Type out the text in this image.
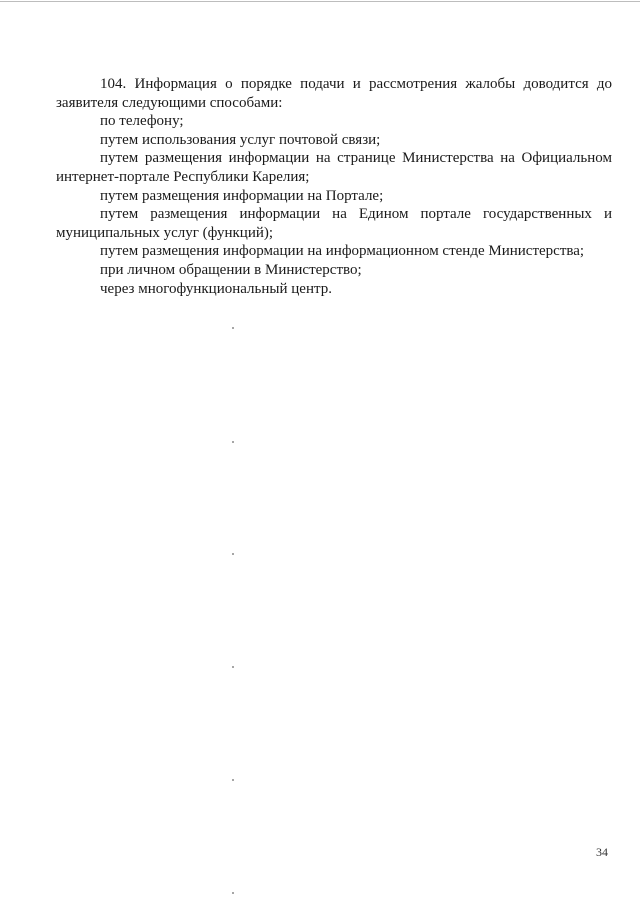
104. Информация о порядке подачи и рассмотрения жалобы доводится до заявителя следующими способами:

по телефону;

путем использования услуг почтовой связи;

путем размещения информации на странице Министерства на Официальном интернет-портале Республики Карелия;

путем размещения информации на Портале;

путем размещения информации на Едином портале государственных и муниципальных услуг (функций);

путем размещения информации на информационном стенде Министерства;

при личном обращении в Министерство;

через многофункциональный центр.

34
